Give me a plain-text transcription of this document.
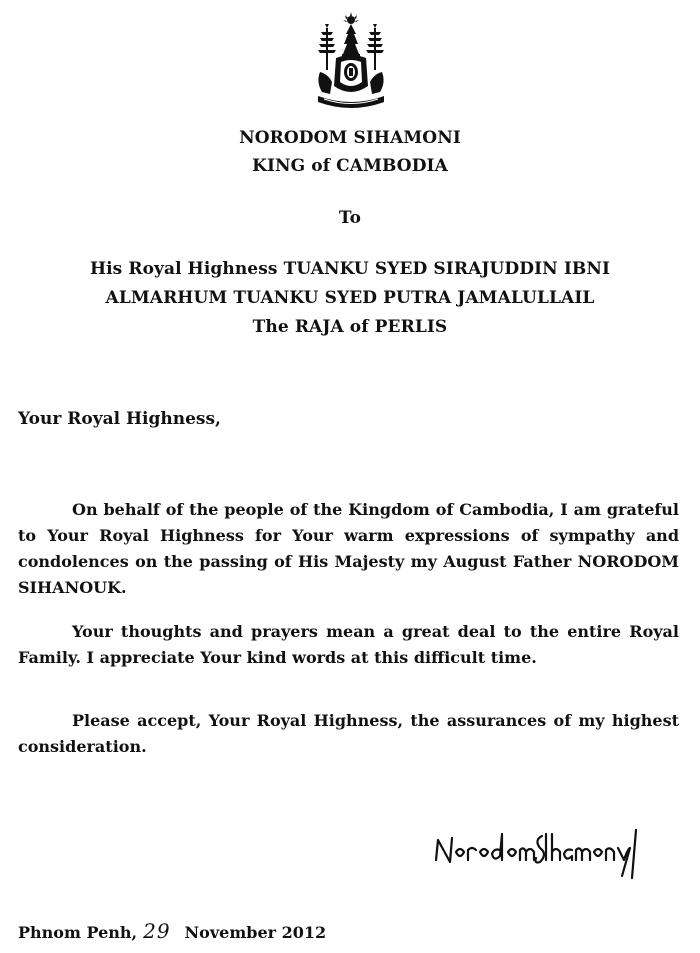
NORODOM SIHAMONI
KING of CAMBODIA
To
His Royal Highness TUANKU SYED SIRAJUDDIN IBNI
ALMARHUM TUANKU SYED PUTRA JAMALULLAIL
The RAJA of PERLIS
Your Royal Highness,

On behalf of the people of the Kingdom of Cambodia, I am grateful to Your Royal Highness for Your warm expressions of sympathy and condolences on the passing of His Majesty my August Father NORODOM SIHANOUK.

Your thoughts and prayers mean a great deal to the entire Royal Family. I appreciate Your kind words at this difficult time.

Please accept, Your Royal Highness, the assurances of my highest consideration.

Phnom Penh, 29 November 2012
